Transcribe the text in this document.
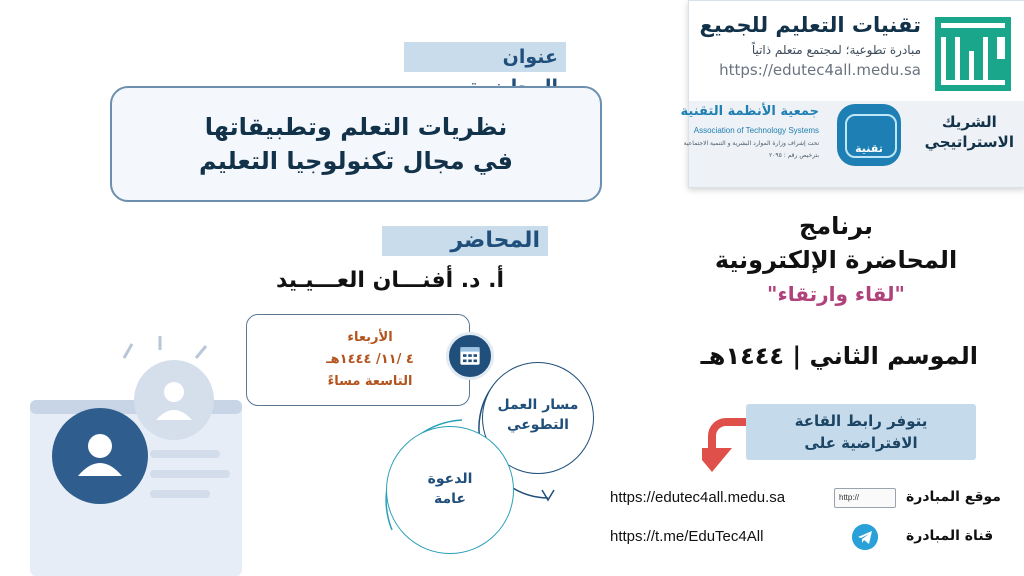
تقنيات التعليم للجميع
مبادرة تطوعية؛ لمجتمع متعلم ذاتياً
https://edutec4all.medu.sa
الشريك
الاستراتيجي
تقنية
جمعية الأنظمة التقنية
Association of Technology Systems
تحت إشراف وزارة الموارد البشرية و التنمية الاجتماعية
بترخيص رقم : ٢٠٩٥
برنامج
المحاضرة الإلكترونية
"لقاء وارتقاء"
الموسم الثاني | ١٤٤٤هـ
يتوفر رابط القاعة
الافتراضية على
موقع المبادرة
http://
https://edutec4all.medu.sa
قناة المبادرة
https://t.me/EduTec4All
عنوان
نظريات التعلم وتطبيقاتها
في مجال تكنولوجيا التعليم
المحاضر
أ. د. أفنـــان العـــيـيد
الأربعاء
٤ /١١/ ١٤٤٤هـ
التاسعة مساءً
مسار العمل
التطوعي
الدعوة
عامة
